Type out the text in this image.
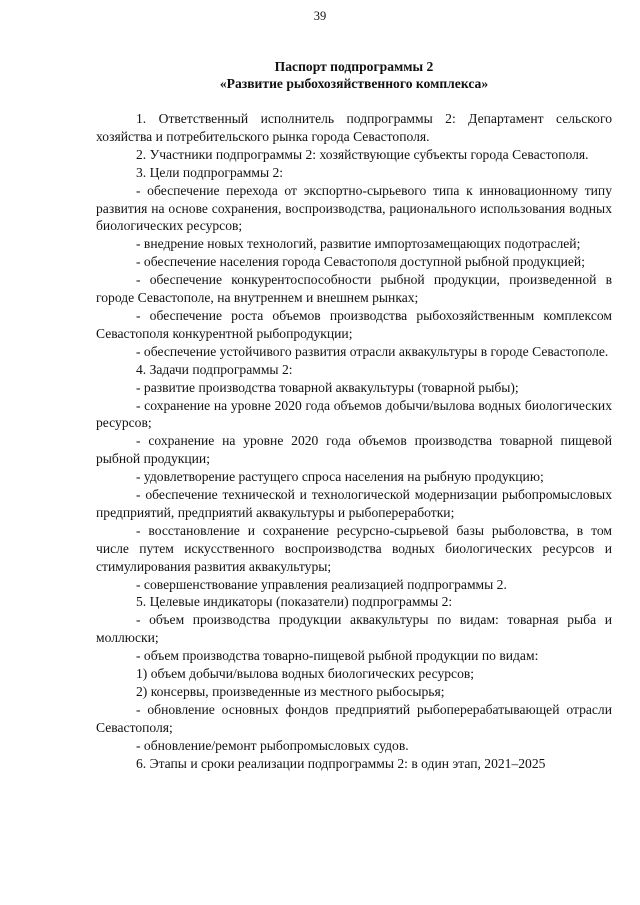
39
Паспорт подпрограммы 2
«Развитие рыбохозяйственного комплекса»

1. Ответственный исполнитель подпрограммы 2: Департамент сельского хозяйства и потребительского рынка города Севастополя.

2. Участники подпрограммы 2: хозяйствующие субъекты города Севастополя.

3. Цели подпрограммы 2:

- обеспечение перехода от экспортно-сырьевого типа к инновационному типу развития на основе сохранения, воспроизводства, рационального использования водных биологических ресурсов;

- внедрение новых технологий, развитие импортозамещающих подотраслей;

- обеспечение населения города Севастополя доступной рыбной продукцией;

- обеспечение конкурентоспособности рыбной продукции, произведенной в городе Севастополе, на внутреннем и внешнем рынках;

- обеспечение роста объемов производства рыбохозяйственным комплексом Севастополя конкурентной рыбопродукции;

- обеспечение устойчивого развития отрасли аквакультуры в городе Севастополе.

4. Задачи подпрограммы 2:

- развитие производства товарной аквакультуры (товарной рыбы);

- сохранение на уровне 2020 года объемов добычи/вылова водных биологических ресурсов;

- сохранение на уровне 2020 года объемов производства товарной пищевой рыбной продукции;

- удовлетворение растущего спроса населения на рыбную продукцию;

- обеспечение технической и технологической модернизации рыбопромысловых предприятий, предприятий аквакультуры и рыбопереработки;

- восстановление и сохранение ресурсно-сырьевой базы рыболовства, в том числе путем искусственного воспроизводства водных биологических ресурсов и стимулирования развития аквакультуры;

- совершенствование управления реализацией подпрограммы 2.

5. Целевые индикаторы (показатели) подпрограммы 2:

- объем производства продукции аквакультуры по видам: товарная рыба и моллюски;

- объем производства товарно-пищевой рыбной продукции по видам:

1) объем добычи/вылова водных биологических ресурсов;

2) консервы, произведенные из местного рыбосырья;

- обновление основных фондов предприятий рыбоперерабатывающей отрасли Севастополя;

- обновление/ремонт рыбопромысловых судов.

6. Этапы и сроки реализации подпрограммы 2: в один этап, 2021–2025
